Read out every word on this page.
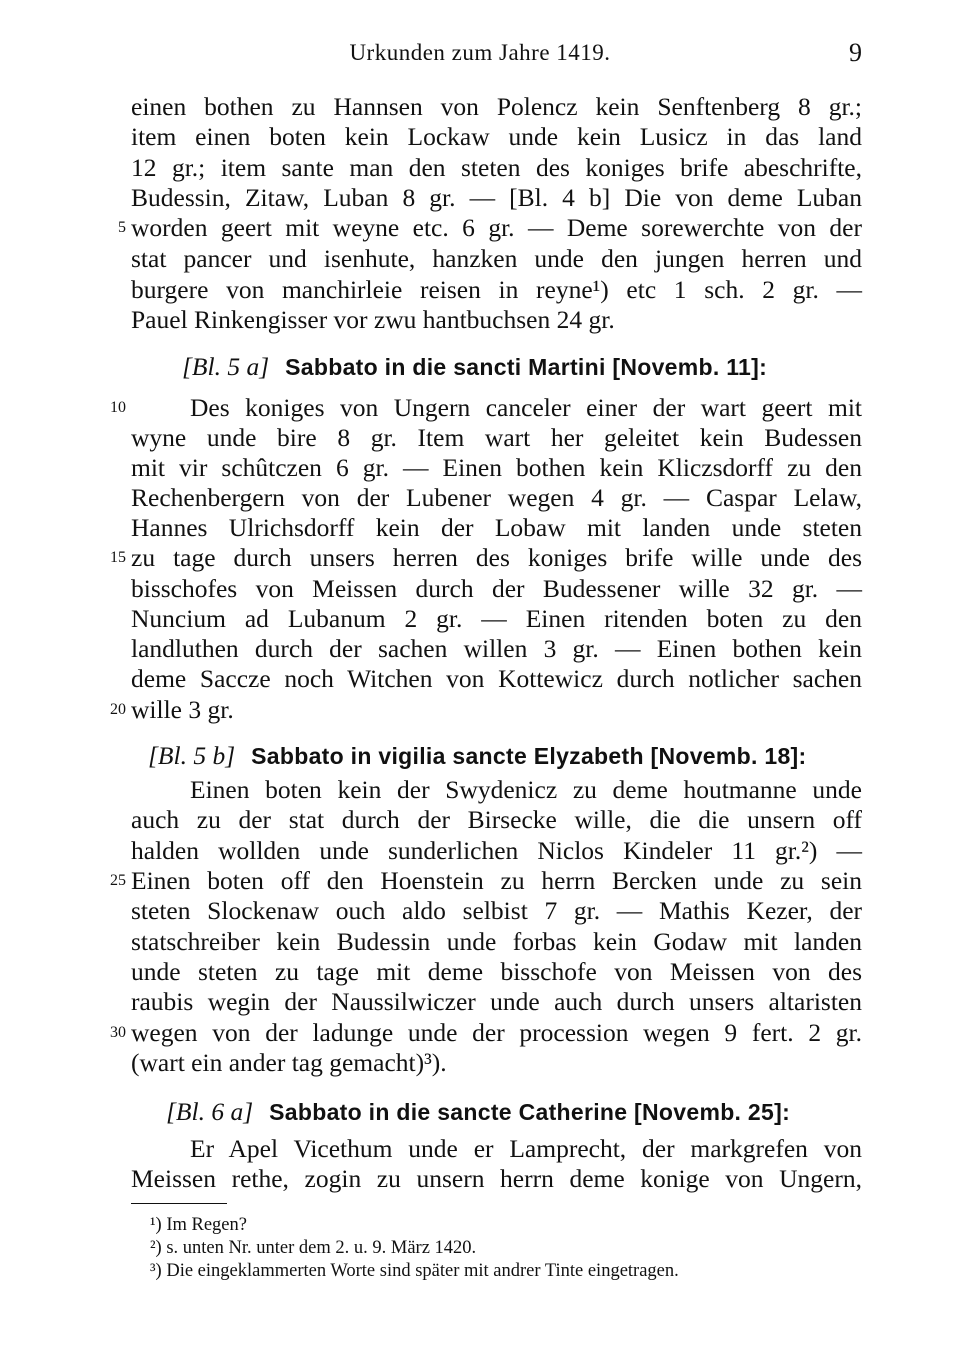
Urkunden zum Jahre 1419.	9
einen bothen zu Hannsen von Polencz kein Senftenberg 8 gr.;
item einen boten kein Lockaw unde kein Lusicz in das land
12 gr.; item sante man den steten des koniges brife abeschrifte,
Budessin, Zitaw, Luban 8 gr. — [Bl. 4 b] Die von deme Luban
worden geert mit weyne etc. 6 gr. — Deme sorewerchte von der
stat pancer und isenhute, hanzken unde den jungen herren und
burgere von manchirleie reisen in reyne¹) etc 1 sch. 2 gr. —
Pauel Rinkengisser vor zwu hantbuchsen 24 gr.
[Bl. 5 a] Sabbato in die sancti Martini [Novemb. 11]:
Des koniges von Ungern canceler einer der wart geert mit
wyne unde bire 8 gr. Item wart her geleitet kein Budessen
mit vir schûtczen 6 gr. — Einen bothen kein Kliczsdorff zu den
Rechenbergern von der Lubener wegen 4 gr. — Caspar Lelaw,
Hannes Ulrichsdorff kein der Lobaw mit landen unde steten
zu tage durch unsers herren des koniges brife wille unde des
bisschofes von Meissen durch der Budessener wille 32 gr. —
Nuncium ad Lubanum 2 gr. — Einen ritenden boten zu den
landluthen durch der sachen willen 3 gr. — Einen bothen kein
deme Saccze noch Witchen von Kottewicz durch notlicher sachen
wille 3 gr.
[Bl. 5 b] Sabbato in vigilia sancte Elyzabeth [Novemb. 18]:
Einen boten kein der Swydenicz zu deme houtmanne unde
auch zu der stat durch der Birsecke wille, die die unsern off
halden wollden unde sunderlichen Niclos Kindeler 11 gr.²) —
Einen boten off den Hoenstein zu herrn Bercken unde zu sein
steten Slockenaw ouch aldo selbist 7 gr. — Mathis Kezer, der
statschreiber kein Budessin unde forbas kein Godaw mit landen
unde steten zu tage mit deme bisschofe von Meissen von des
raubis wegin der Naussilwiczer unde auch durch unsers altaristen
wegen von der ladunge unde der procession wegen 9 fert. 2 gr.
(wart ein ander tag gemacht)³).
[Bl. 6 a] Sabbato in die sancte Catherine [Novemb. 25]:
Er Apel Vicethum unde er Lamprecht, der markgrefen von
Meissen rethe, zogin zu unsern herrn deme konige von Ungern,
5
10
15
20
25
30
¹) Im Regen?
²) s. unten Nr. unter dem 2. u. 9. März 1420.
³) Die eingeklammerten Worte sind später mit andrer Tinte eingetragen.
